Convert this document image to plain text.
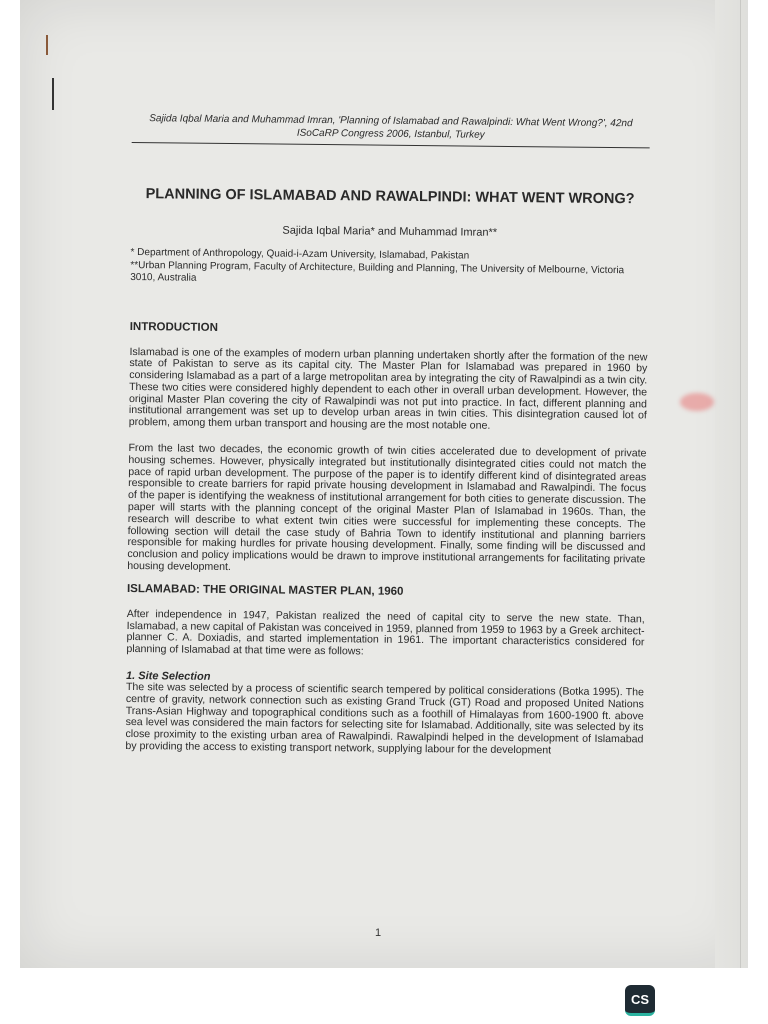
Sajida Iqbal Maria and Muhammad Imran, 'Planning of Islamabad and Rawalpindi: What Went Wrong?', 42nd ISoCaRP Congress 2006, Istanbul, Turkey
PLANNING OF ISLAMABAD AND RAWALPINDI: WHAT WENT WRONG?
Sajida Iqbal Maria* and Muhammad Imran**
* Department of Anthropology, Quaid-i-Azam University, Islamabad, Pakistan
**Urban Planning Program, Faculty of Architecture, Building and Planning, The University of Melbourne, Victoria 3010, Australia
INTRODUCTION
Islamabad is one of the examples of modern urban planning undertaken shortly after the formation of the new state of Pakistan to serve as its capital city. The Master Plan for Islamabad was prepared in 1960 by considering Islamabad as a part of a large metropolitan area by integrating the city of Rawalpindi as a twin city. These two cities were considered highly dependent to each other in overall urban development. However, the original Master Plan covering the city of Rawalpindi was not put into practice. In fact, different planning and institutional arrangement was set up to develop urban areas in twin cities. This disintegration caused lot of problem, among them urban transport and housing are the most notable one.
From the last two decades, the economic growth of twin cities accelerated due to development of private housing schemes. However, physically integrated but institutionally disintegrated cities could not match the pace of rapid urban development. The purpose of the paper is to identify different kind of disintegrated areas responsible to create barriers for rapid private housing development in Islamabad and Rawalpindi. The focus of the paper is identifying the weakness of institutional arrangement for both cities to generate discussion. The paper will starts with the planning concept of the original Master Plan of Islamabad in 1960s. Than, the research will describe to what extent twin cities were successful for implementing these concepts. The following section will detail the case study of Bahria Town to identify institutional and planning barriers responsible for making hurdles for private housing development. Finally, some finding will be discussed and conclusion and policy implications would be drawn to improve institutional arrangements for facilitating private housing development.
ISLAMABAD: THE ORIGINAL MASTER PLAN, 1960
After independence in 1947, Pakistan realized the need of capital city to serve the new state. Than, Islamabad, a new capital of Pakistan was conceived in 1959, planned from 1959 to 1963 by a Greek architect-planner C. A. Doxiadis, and started implementation in 1961. The important characteristics considered for planning of Islamabad at that time were as follows:
1. Site Selection
The site was selected by a process of scientific search tempered by political considerations (Botka 1995). The centre of gravity, network connection such as existing Grand Truck (GT) Road and proposed United Nations Trans-Asian Highway and topographical conditions such as a foothill of Himalayas from 1600-1900 ft. above sea level was considered the main factors for selecting site for Islamabad. Additionally, site was selected by its close proximity to the existing urban area of Rawalpindi. Rawalpindi helped in the development of Islamabad by providing the access to existing transport network, supplying labour for the development
1
CS
